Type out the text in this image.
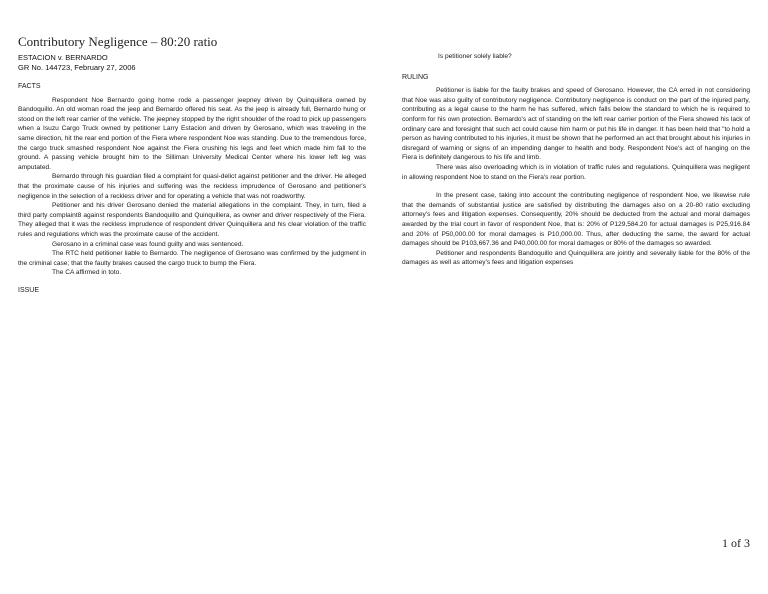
Contributory Negligence – 80:20 ratio
ESTACION v. BERNARDO
GR No. 144723, February 27, 2006
FACTS

Respondent Noe Bernardo going home rode a passenger jeepney driven by Quinquillera owned by Bandoquillo. An old woman road the jeep and Bernardo offered his seat. As the jeep is already full, Bernardo hung or stood on the left rear carrier of the vehicle. The jeepney stopped by the right shoulder of the road to pick up passengers when a Isuzu Cargo Truck owned by petitioner Larry Estacion and driven by Gerosano, which was traveling in the same direction, hit the rear end portion of the Fiera where respondent Noe was standing. Due to the tremendous force, the cargo truck smashed respondent Noe against the Fiera crushing his legs and feet which made him fall to the ground. A passing vehicle brought him to the Silliman University Medical Center where his lower left leg was amputated.

Bernardo through his guardian filed a complaint for quasi-delict against petitioner and the driver. He alleged that the proximate cause of his injuries and suffering was the reckless imprudence of Gerosano and petitioner's negligence in the selection of a reckless driver and for operating a vehicle that was not roadworthy.

Petitioner and his driver Gerosano denied the material allegations in the complaint. They, in turn, filed a third party complaint8 against respondents Bandoquillo and Quinquillera, as owner and driver respectively of the Fiera. They alleged that it was the reckless imprudence of respondent driver Quinquillera and his clear violation of the traffic rules and regulations which was the proximate cause of the accident.

Gerosano in a criminal case was found guilty and was sentenced.

The RTC held petitioner liable to Bernardo. The negligence of Gerosano was confirmed by the judgment in the criminal case; that the faulty brakes caused the cargo truck to bump the Fiera.

The CA affirmed in toto.

ISSUE

Is petitioner solely liable?

RULING

Petitioner is liable for the faulty brakes and speed of Gerosano. However, the CA erred in not considering that Noe was also guilty of contributory negligence. Contributory negligence is conduct on the part of the injured party, contributing as a legal cause to the harm he has suffered, which falls below the standard to which he is required to conform for his own protection. Bernardo's act of standing on the left rear carrier portion of the Fiera showed his lack of ordinary care and foresight that such act could cause him harm or put his life in danger. It has been held that "to hold a person as having contributed to his injuries, it must be shown that he performed an act that brought about his injuries in disregard of warning or signs of an impending danger to health and body. Respondent Noe's act of hanging on the Fiera is definitely dangerous to his life and limb.

There was also overloading which is in violation of traffic rules and regulations. Quinquillera was negligent in allowing respondent Noe to stand on the Fiera's rear portion.

In the present case, taking into account the contributing negligence of respondent Noe, we likewise rule that the demands of substantial justice are satisfied by distributing the damages also on a 20-80 ratio excluding attorney's fees and litigation expenses. Consequently, 20% should be deducted from the actual and moral damages awarded by the trial court in favor of respondent Noe, that is: 20% of P129,584.20 for actual damages is P25,916.84 and 20% of P50,000.00 for moral damages is P10,000.00. Thus, after deducting the same, the award for actual damages should be P103,667.36 and P40,000.00 for moral damages or 80% of the damages so awarded.

Petitioner and respondents Bandoquillo and Quinquillera are jointly and severally liable for the 80% of the damages as well as attorney's fees and litigation expenses

1 of 3
